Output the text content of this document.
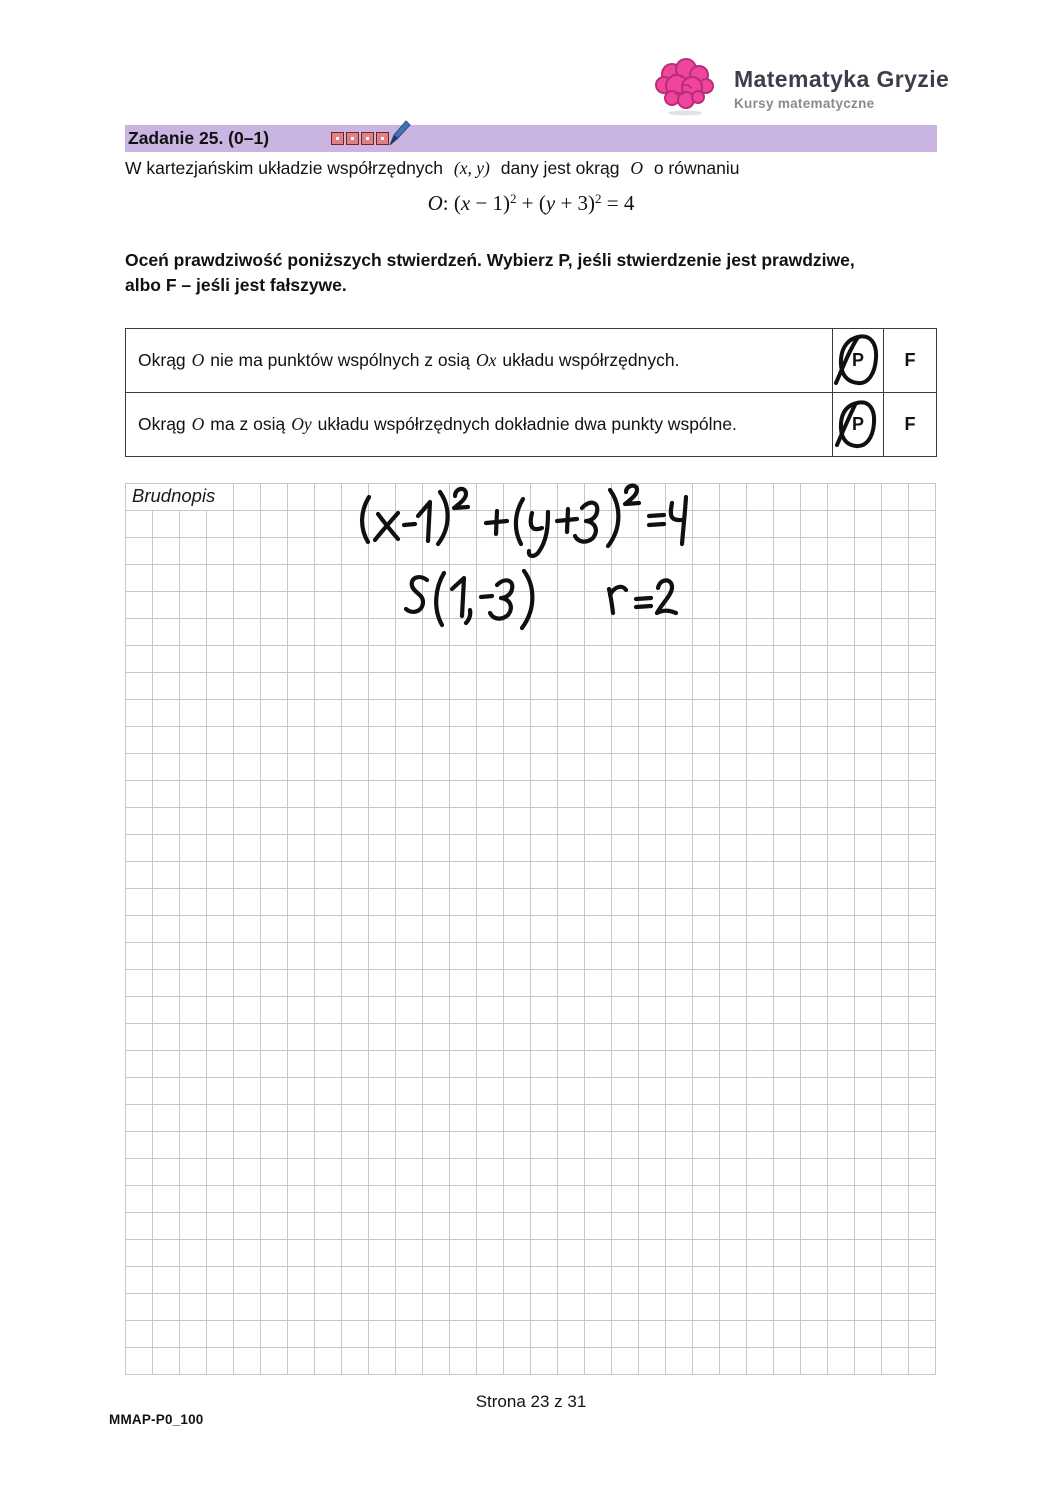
Matematyka Gryzie
Kursy matematyczne
Zadanie 25. (0–1)
W kartezjańskim układzie współrzędnych (x, y) dany jest okrąg O o równaniu
O: $(x - 1)^2 + (y + 3)^2 = 4$
Oceń prawdziwość poniższych stwierdzeń. Wybierz P, jeśli stwierdzenie jest prawdziwe, albo F – jeśli jest fałszywe.
Okrąg O nie ma punktów wspólnych z osią Ox układu współrzędnych.	P F
Okrąg O ma z osią Oy układu współrzędnych dokładnie dwa punkty wspólne.	P F
Brudnopis
Strona 23 z 31
MMAP-P0_100
